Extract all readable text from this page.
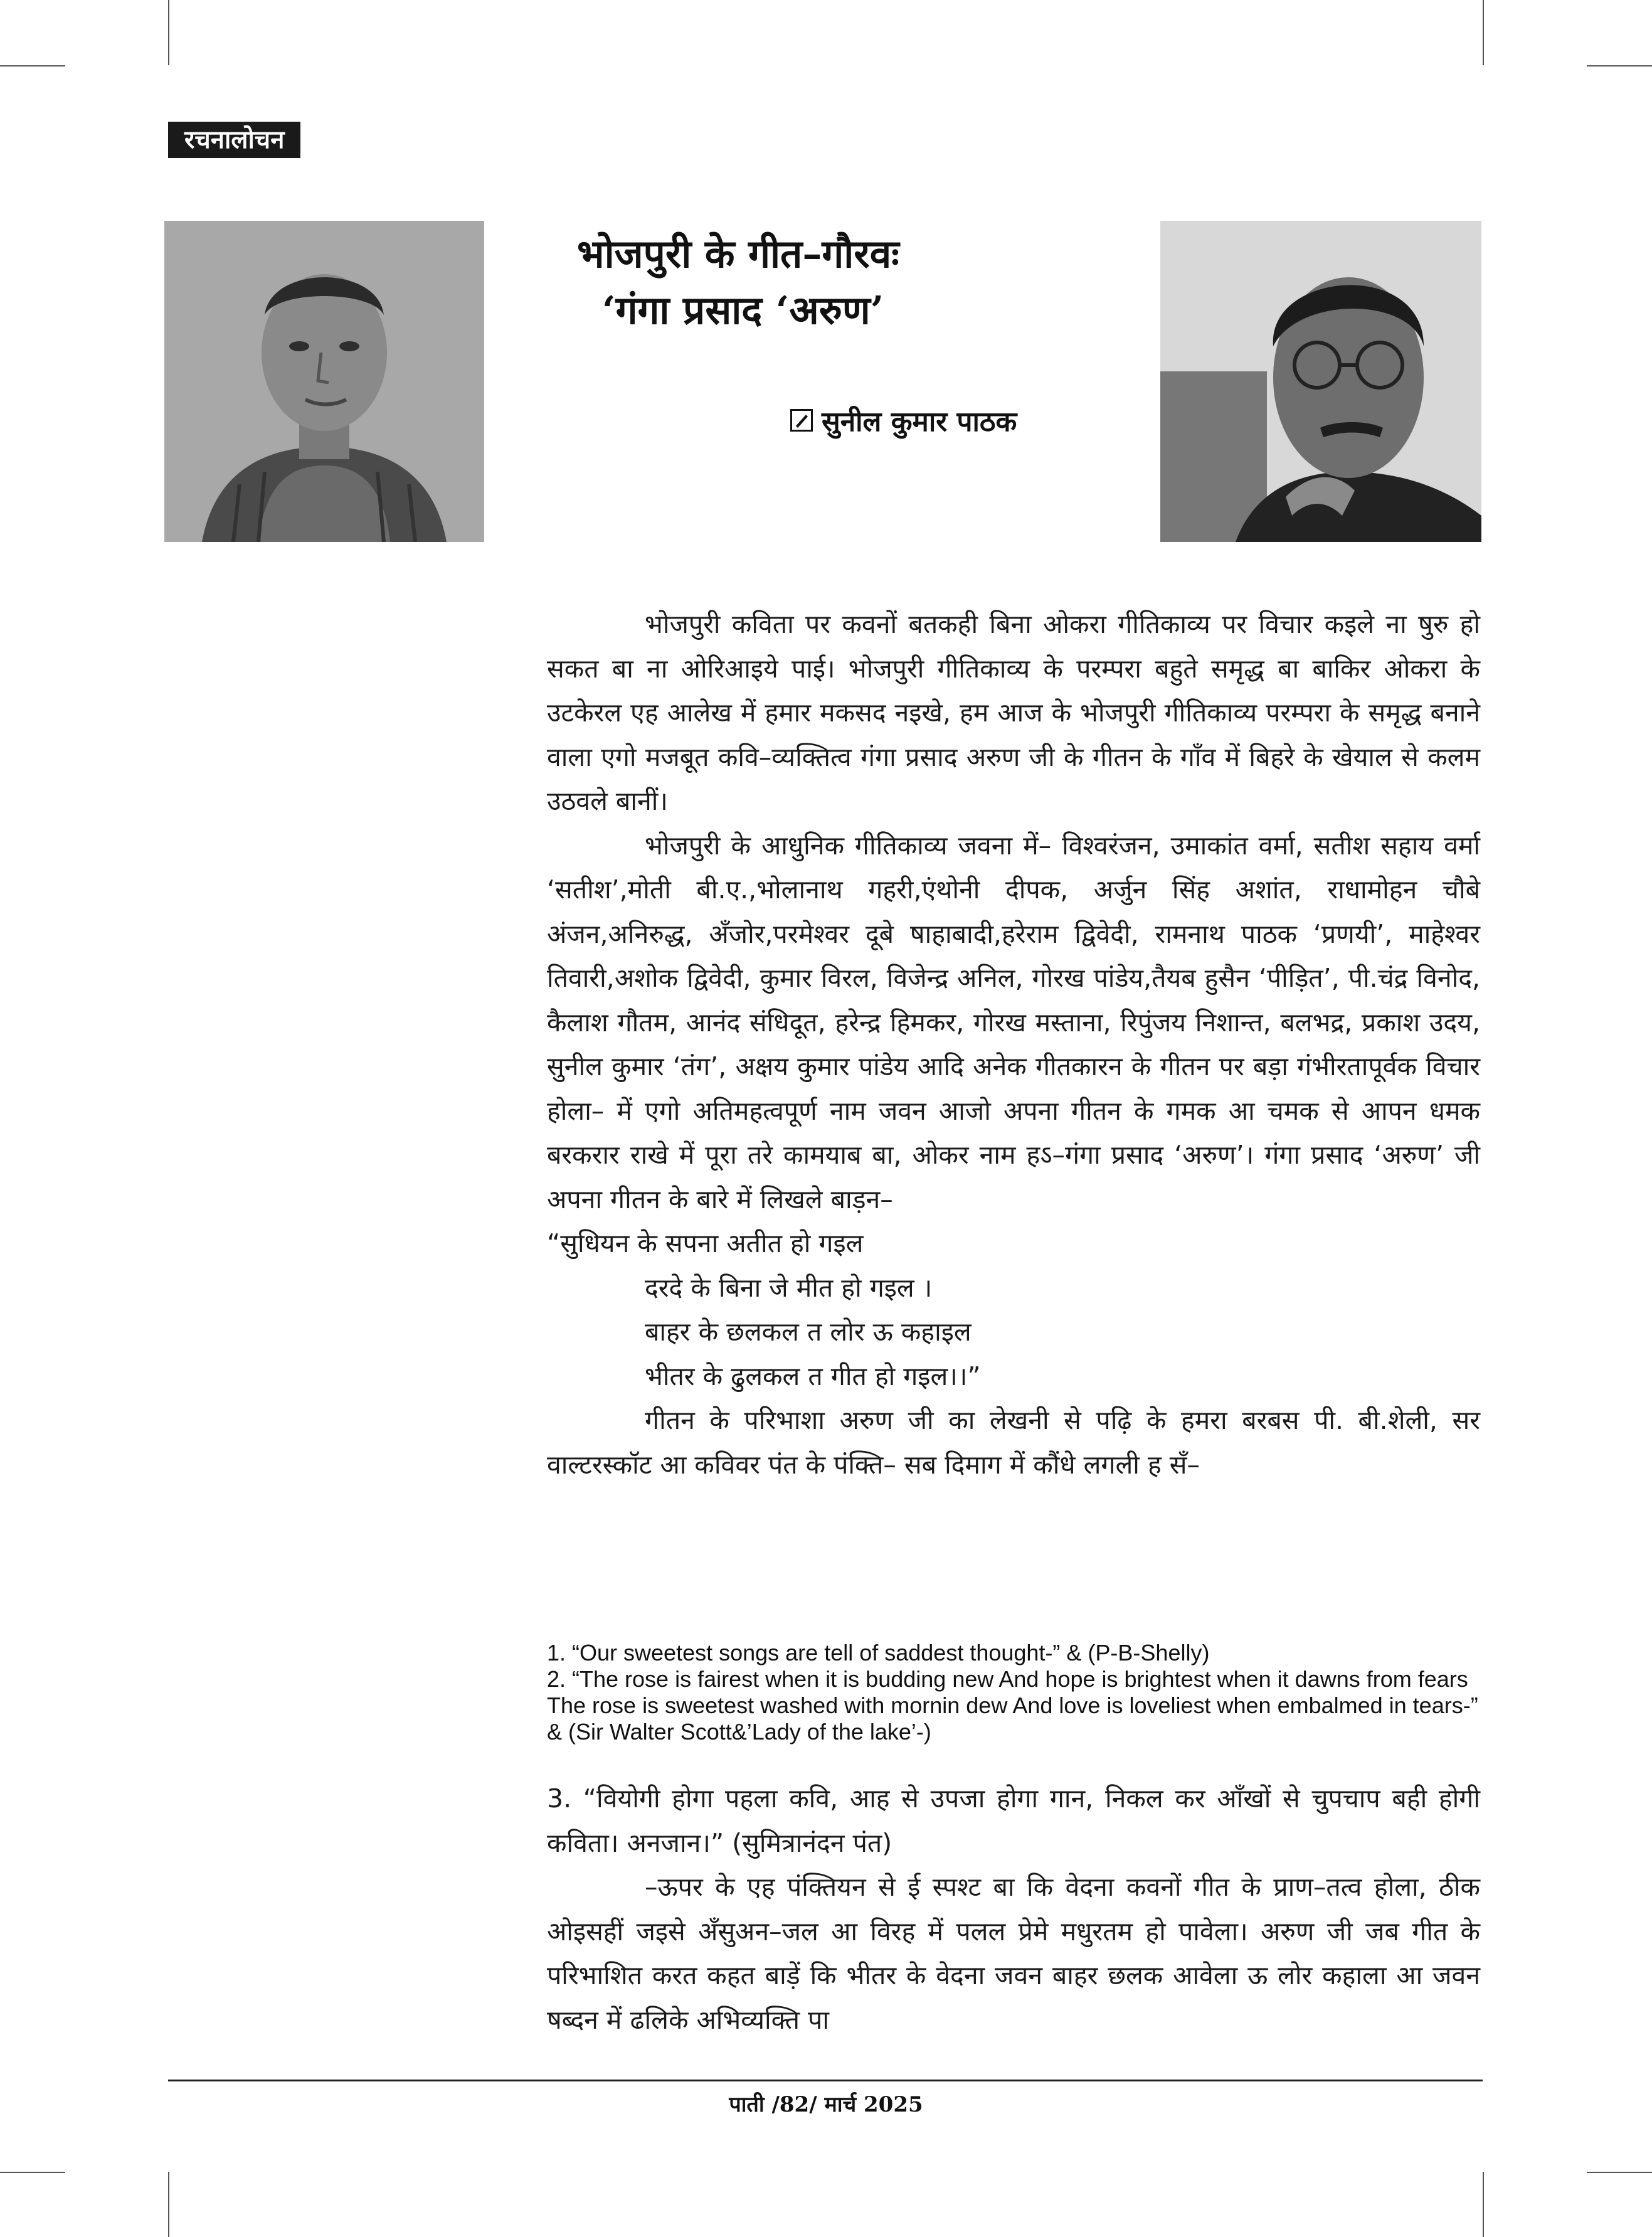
रचनालोचन
भोजपुरी के गीत–गौरवः
‘गंगा प्रसाद ‘अरुण’
सुनील कुमार पाठक

भोजपुरी कविता पर कवनों बतकही बिना ओकरा गीतिकाव्य पर विचार कइले ना षुरु हो सकत बा ना ओरिआइये पाई। भोजपुरी गीतिकाव्य के परम्परा बहुते समृद्ध बा बाकिर ओकरा के उटकेरल एह आलेख में हमार मकसद नइखे, हम आज के भोजपुरी गीतिकाव्य परम्परा के समृद्ध बनाने वाला एगो मजबूत कवि–व्यक्तित्व गंगा प्रसाद अरुण जी के गीतन के गाँव में बिहरे के खेयाल से कलम उठवले बानीं।

भोजपुरी के आधुनिक गीतिकाव्य जवना में– विश्वरंजन, उमाकांत वर्मा, सतीश सहाय वर्मा ‘सतीश’,मोती बी.ए.,भोलानाथ गहरी,एंथोनी दीपक, अर्जुन सिंह अशांत, राधामोहन चौबे अंजन,अनिरुद्ध, अँजोर,परमेश्वर दूबे षाहाबादी,हरेराम द्विवेदी, रामनाथ पाठक ‘प्रणयी’, माहेश्वर तिवारी,अशोक द्विवेदी, कुमार विरल, विजेन्द्र अनिल, गोरख पांडेय,तैयब हुसैन ‘पीड़ित’, पी.चंद्र विनोद, कैलाश गौतम, आनंद संधिदूत, हरेन्द्र हिमकर, गोरख मस्ताना, रिपुंजय निशान्त, बलभद्र, प्रकाश उदय, सुनील कुमार ‘तंग’, अक्षय कुमार पांडेय आदि अनेक गीतकारन के गीतन पर बड़ा गंभीरतापूर्वक विचार होला– में एगो अतिमहत्वपूर्ण नाम जवन आजो अपना गीतन के गमक आ चमक से आपन धमक बरकरार राखे में पूरा तरे कामयाब बा, ओकर नाम हऽ–गंगा प्रसाद ‘अरुण’। गंगा प्रसाद ‘अरुण’ जी अपना गीतन के बारे में लिखले बाड़न–

“सुधियन के सपना अतीत हो गइल

दरदे के बिना जे मीत हो गइल ।

बाहर के छलकल त लोर ऊ कहाइल

भीतर के ढुलकल त गीत हो गइल।।”

गीतन के परिभाशा अरुण जी का लेखनी से पढ़ि के हमरा बरबस पी. बी.शेली, सर वाल्टरस्कॉट आ कविवर पंत के पंक्ति– सब दिमाग में कौंधे लगली ह सँ–

1. “Our sweetest songs are tell of saddest thought-” & (P-B-Shelly)
2. “The rose is fairest when it is budding new And hope is brightest when it dawns from fears The rose is sweetest washed with mornin dew And love is loveliest when embalmed in tears-” & (Sir Walter Scott&’Lady of the lake’-)

3. “वियोगी होगा पहला कवि, आह से उपजा होगा गान, निकल कर आँखों से चुपचाप बही होगी कविता। अनजान।” (सुमित्रानंदन पंत)

–ऊपर के एह पंक्तियन से ई स्पश्ट बा कि वेदना कवनों गीत के प्राण–तत्व होला, ठीक ओइसहीं जइसे अँसुअन–जल आ विरह में पलल प्रेमे मधुरतम हो पावेला। अरुण जी जब गीत के परिभाशित करत कहत बाड़ें कि भीतर के वेदना जवन बाहर छलक आवेला ऊ लोर कहाला आ जवन षब्दन में ढलिके अभिव्यक्ति पा

पाती /82/ मार्च 2025
